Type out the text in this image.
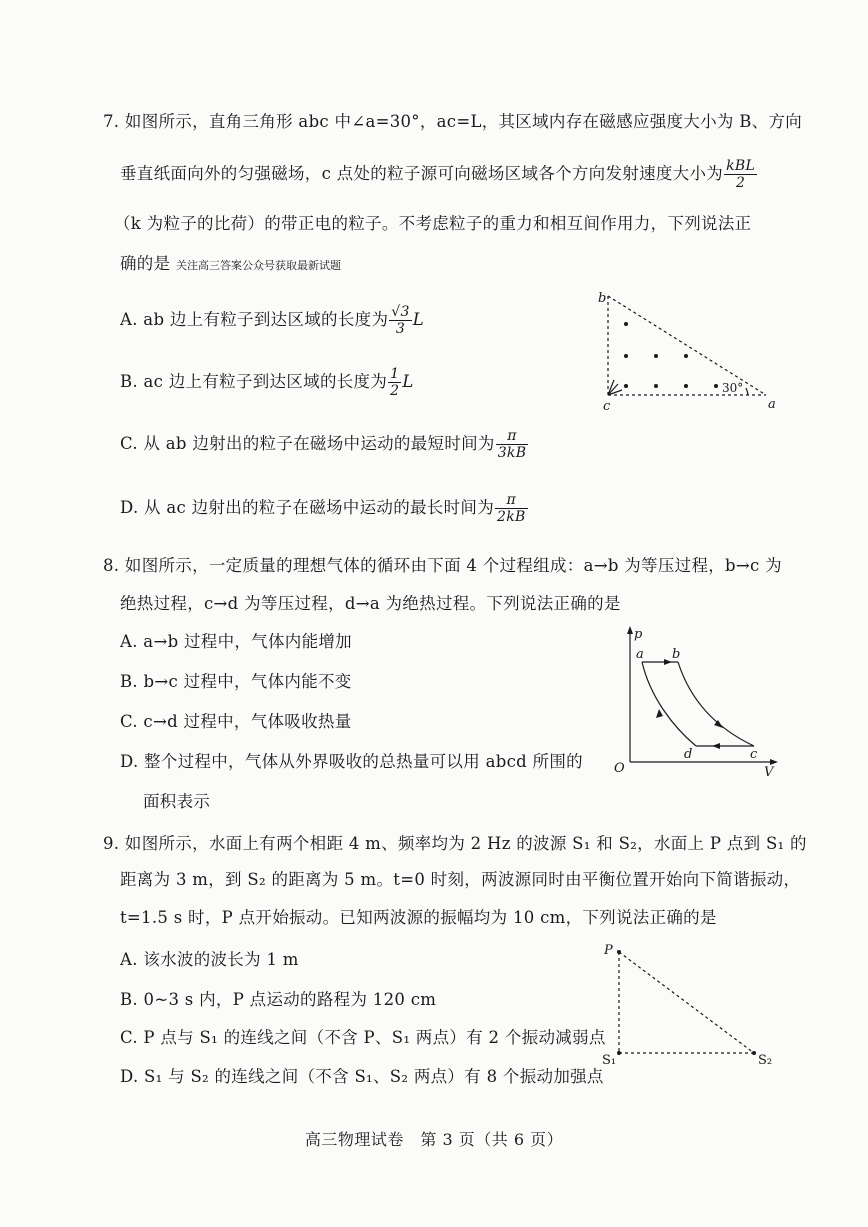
7. 如图所示，直角三角形 abc 中∠a=30°，ac=L，其区域内存在磁感应强度大小为 B、方向
垂直纸面向外的匀强磁场，c 点处的粒子源可向磁场区域各个方向发射速度大小为 $\frac{\text{kBL}}{2}$
（k 为粒子的比荷）的带正电的粒子。不考虑粒子的重力和相互间作用力，下列说法正
确的是 关注高三答案公众号获取最新试题
A. ab 边上有粒子到达区域的长度为 $\frac{√3}{3}$ L
B. ac 边上有粒子到达区域的长度为 $\frac{1}{2}$ L
C. 从 ab 边射出的粒子在磁场中运动的最短时间为 $\frac{\pi}{3kB}$
D. 从 ac 边射出的粒子在磁场中运动的最长时间为 $\frac{\pi}{2kB}$
b
c	a
30°
8. 如图所示，一定质量的理想气体的循环由下面 4 个过程组成：a→b 为等压过程，b→c 为
绝热过程，c→d 为等压过程，d→a 为绝热过程。下列说法正确的是
A. a→b 过程中，气体内能增加
B. b→c 过程中，气体内能不变
C. c→d 过程中，气体吸收热量
D. 整个过程中，气体从外界吸收的总热量可以用 abcd 所围的
面积表示
p
V
O
a b
c
d
9. 如图所示，水面上有两个相距 4 m、频率均为 2 Hz 的波源 S₁ 和 S₂，水面上 P 点到 S₁ 的
距离为 3 m，到 S₂ 的距离为 5 m。t=0 时刻，两波源同时由平衡位置开始向下简谐振动，
t=1.5 s 时，P 点开始振动。已知两波源的振幅均为 10 cm，下列说法正确的是
A. 该水波的波长为 1 m
B. 0~3 s 内，P 点运动的路程为 120 cm
C. P 点与 S₁ 的连线之间（不含 P、S₁ 两点）有 2 个振动减弱点
D. S₁ 与 S₂ 的连线之间（不含 S₁、S₂ 两点）有 8 个振动加强点
P
S₁	S₂
高三物理试卷　第 3 页（共 6 页）
